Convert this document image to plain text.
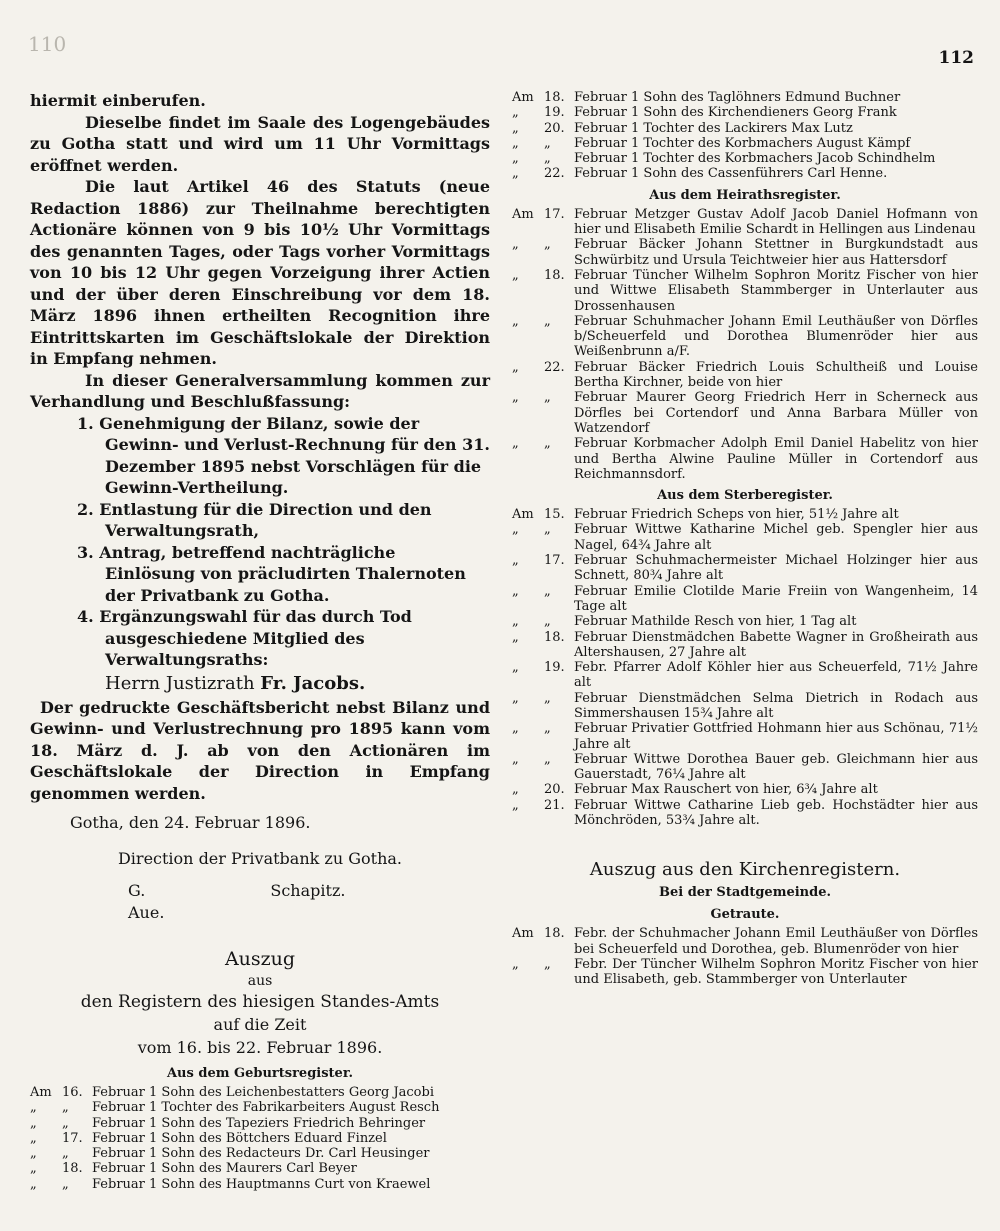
110
112

hiermit einberufen.

Dieselbe findet im Saale des Logengebäudes zu Gotha statt und wird um 11 Uhr Vormittags eröffnet werden.

Die laut Artikel 46 des Statuts (neue Redaction 1886) zur Theilnahme berechtigten Actionäre können von 9 bis 10½ Uhr Vormittags des genannten Tages, oder Tags vorher Vormittags von 10 bis 12 Uhr gegen Vorzeigung ihrer Actien und der über deren Einschreibung vor dem 18. März 1896 ihnen ertheilten Recognition ihre Eintrittskarten im Geschäftslokale der Direktion in Empfang nehmen.

In dieser Generalversammlung kommen zur Verhandlung und Beschlußfassung:

1. Genehmigung der Bilanz, sowie der Gewinn- und Verlust-Rechnung für den 31. Dezember 1895 nebst Vorschlägen für die Gewinn-Vertheilung.
2. Entlastung für die Direction und den Verwaltungsrath,
3. Antrag, betreffend nachträgliche Einlösung von präcludirten Thalernoten der Privatbank zu Gotha.
4. Ergänzungswahl für das durch Tod ausgeschiedene Mitglied des Verwaltungsraths:
Herrn Justizrath Fr. Jacobs.

Der gedruckte Geschäftsbericht nebst Bilanz und Gewinn- und Verlustrechnung pro 1895 kann vom 18. März d. J. ab von den Actionären im Geschäftslokale der Direction in Empfang genommen werden.

Gotha, den 24. Februar 1896.
Direction der Privatbank zu Gotha.
G. Schapitz. Aue.
Auszug
aus
den Registern des hiesigen Standes-Amts
auf die Zeit
vom 16. bis 22. Februar 1896.
Aus dem Geburtsregister.
Am 16. Februar 1 Sohn des Leichenbestatters Georg Jacobi
„	„	Februar 1 Tochter des Fabrikarbeiters August Resch
„	„	Februar 1 Sohn des Tapeziers Friedrich Behringer
„	17. Februar 1 Sohn des Böttchers Eduard Finzel
„	„	Februar 1 Sohn des Redacteurs Dr. Carl Heusinger
„	18. Februar 1 Sohn des Maurers Carl Beyer
„	„	Februar 1 Sohn des Hauptmanns Curt von Kraewel
Am 18. Februar 1 Sohn des Taglöhners Edmund Buchner
„	19. Februar 1 Sohn des Kirchendieners Georg Frank
„	20. Februar 1 Tochter des Lackirers Max Lutz
„	„	Februar 1 Tochter des Korbmachers August Kämpf
„	„	Februar 1 Tochter des Korbmachers Jacob Schindhelm
„	22. Februar 1 Sohn des Cassenführers Carl Henne.
Aus dem Heirathsregister.
Am 17. Februar Metzger Gustav Adolf Jacob Daniel Hofmann von hier und Elisabeth Emilie Schardt in Hellingen aus Lindenau
„	„	Februar Bäcker Johann Stettner in Burgkundstadt aus Schwürbitz und Ursula Teichtweier hier aus Hattersdorf
„	18. Februar Tüncher Wilhelm Sophron Moritz Fischer von hier und Wittwe Elisabeth Stammberger in Unterlauter aus Drossenhausen
„	„	Februar Schuhmacher Johann Emil Leuthäußer von Dörfles b/Scheuerfeld und Dorothea Blumenröder hier aus Weißenbrunn a/F.
„	22. Februar Bäcker Friedrich Louis Schultheiß und Louise Bertha Kirchner, beide von hier
„	„	Februar Maurer Georg Friedrich Herr in Scherneck aus Dörfles bei Cortendorf und Anna Barbara Müller von Watzendorf
„	„	Februar Korbmacher Adolph Emil Daniel Habelitz von hier und Bertha Alwine Pauline Müller in Cortendorf aus Reichmannsdorf.
Aus dem Sterberegister.
Am 15. Februar Friedrich Scheps von hier, 51½ Jahre alt
„	„	Februar Wittwe Katharine Michel geb. Spengler hier aus Nagel, 64¾ Jahre alt
„	17. Februar Schuhmachermeister Michael Holzinger hier aus Schnett, 80¾ Jahre alt
„	„	Februar Emilie Clotilde Marie Freiin von Wangenheim, 14 Tage alt
„	„	Februar Mathilde Resch von hier, 1 Tag alt
„	18. Februar Dienstmädchen Babette Wagner in Großheirath aus Altershausen, 27 Jahre alt
„	19. Febr. Pfarrer Adolf Köhler hier aus Scheuerfeld, 71½ Jahre alt
„	„	Februar Dienstmädchen Selma Dietrich in Rodach aus Simmershausen 15¾ Jahre alt
„	„	Februar Privatier Gottfried Hohmann hier aus Schönau, 71½ Jahre alt
„	„	Februar Wittwe Dorothea Bauer geb. Gleichmann hier aus Gauerstadt, 76¼ Jahre alt
„	20. Februar Max Rauschert von hier, 6¾ Jahre alt
„	21. Februar Wittwe Catharine Lieb geb. Hochstädter hier aus Mönchröden, 53¾ Jahre alt.
Auszug aus den Kirchenregistern.
Bei der Stadtgemeinde.
Getraute.
Am 18. Febr. der Schuhmacher Johann Emil Leuthäußer von Dörfles bei Scheuerfeld und Dorothea, geb. Blumenröder von hier
„	„	Febr. Der Tüncher Wilhelm Sophron Moritz Fischer von hier und Elisabeth, geb. Stammberger von Unterlauter
